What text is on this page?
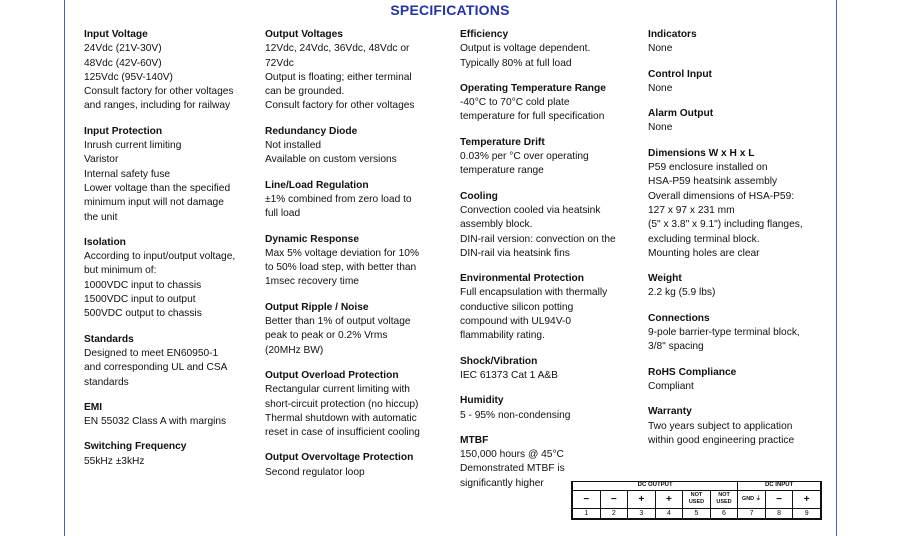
SPECIFICATIONS
Input Voltage
24Vdc (21V-30V)
48Vdc (42V-60V)
125Vdc (95V-140V)
Consult factory for other voltages
and ranges, including for railway
Input Protection
Inrush current limiting
Varistor
Internal safety fuse
Lower voltage than the specified
minimum input will not damage
the unit
Isolation
According to input/output voltage,
but minimum of:
1000VDC input to chassis
1500VDC input to output
500VDC output to chassis
Standards
Designed to meet EN60950-1
and corresponding UL and CSA
standards
EMI
EN 55032 Class A with margins
Switching Frequency
55kHz ±3kHz
Output Voltages
12Vdc, 24Vdc, 36Vdc, 48Vdc or
72Vdc
Output is floating; either terminal
can be grounded.
Consult factory for other voltages
Redundancy Diode
Not installed
Available on custom versions
Line/Load Regulation
±1% combined from zero load to
full load
Dynamic Response
Max 5% voltage deviation for 10%
to 50% load step, with better than
1msec recovery time
Output Ripple / Noise
Better than 1% of output voltage
peak to peak or 0.2% Vrms
(20MHz BW)
Output Overload Protection
Rectangular current limiting with
short-circuit protection (no hiccup)
Thermal shutdown with automatic
reset in case of insufficient cooling
Output Overvoltage Protection
Second regulator loop
Efficiency
Output is voltage dependent.
Typically 80% at full load
Operating Temperature Range
-40°C to 70°C cold plate
temperature for full specification
Temperature Drift
0.03% per °C over operating
temperature range
Cooling
Convection cooled via heatsink
assembly block.
DIN-rail version: convection on the
DIN-rail via heatsink fins
Environmental Protection
Full encapsulation with thermally
conductive silicon potting
compound with UL94V-0
flammability rating.
Shock/Vibration
IEC 61373 Cat 1 A&B
Humidity
5 - 95% non-condensing
MTBF
150,000 hours @ 45°C
Demonstrated MTBF is
significantly higher
Indicators
None
Control Input
None
Alarm Output
None
Dimensions W x H x L
P59 enclosure installed on
HSA-P59 heatsink assembly
Overall dimensions of HSA-P59:
127 x 97 x 231 mm
(5" x 3.8" x 9.1") including flanges,
excluding terminal block.
Mounting holes are clear
Weight
2.2 kg (5.9 lbs)
Connections
9-pole barrier-type terminal block,
3/8" spacing
RoHS Compliance
Compliant
Warranty
Two years subject to application
within good engineering practice
DC OUTPUT						DC INPUT		
−	−	+	+	NOT USED	NOT USED	GND ⏚	−	+
1	2	3	4	5	6	7	8	9
